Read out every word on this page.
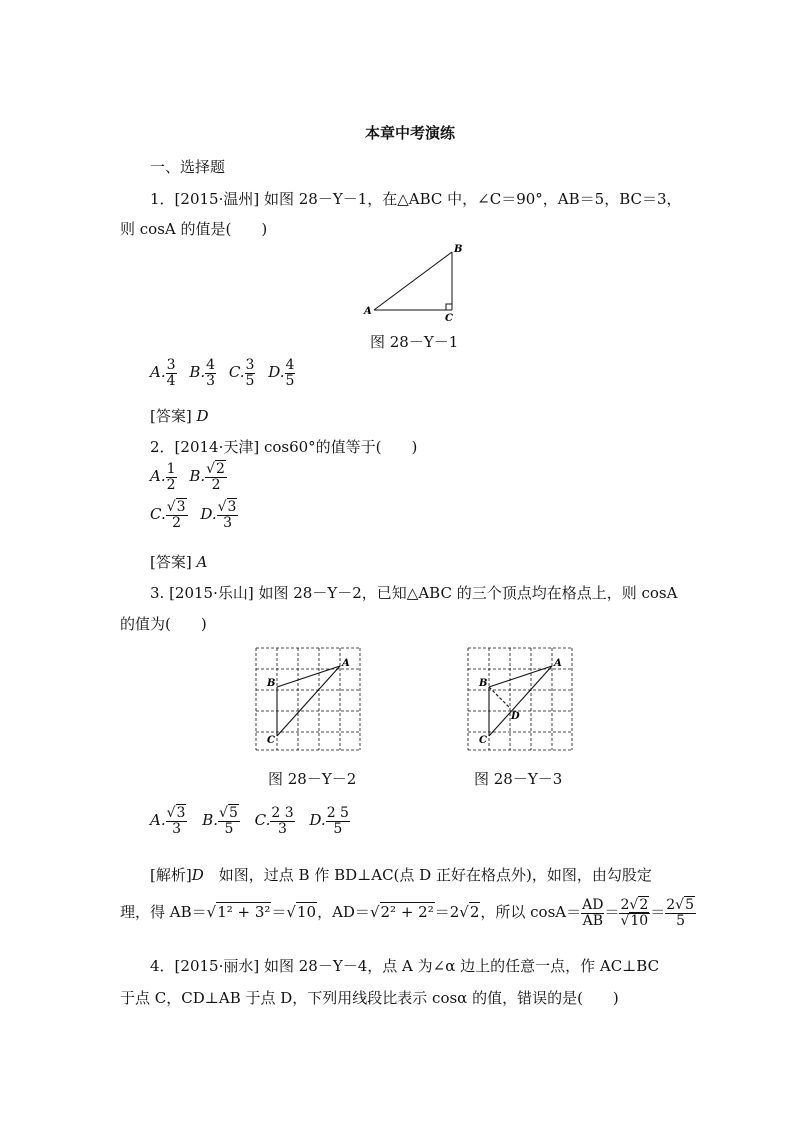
本章中考演练
一、选择题
1．[2015·温州] 如图 28－Y－1，在△ABC 中，∠C＝90°，AB＝5，BC＝3，
则 cosA 的值是(　　)
A
B
C
图 28－Y－1
A. $\frac{3}{4} B$. $\frac{4}{3} C$. $\frac{3}{5} D$. $\frac{4}{5}$
[答案] D
2．[2014·天津] cos60°的值等于(　　)
A. $\frac{1}{2} B$. $\frac{√2}{2}$
C. $\frac{√3}{2} D$. $\frac{√3}{3}$
[答案] A
3. [2015·乐山] 如图 28－Y－2，已知△ABC 的三个顶点均在格点上，则 cosA
的值为(　　)
A
B
C
图 28－Y－2
A
B
C
D
图 28－Y－3
A. $\frac{√3}{3} B$. $\frac{√5}{5} C$. $\frac{2 3}{3} D$. $\frac{2 5}{5}$
[解析]D　 如图，过点 B 作 BD⊥AC(点 D 正好在格点外)，如图，由勾股定
理，得 AB＝√1² + 3²＝√10，AD＝√2² + 2²＝2√2，所以 $\cos A= \frac{AD}{AB} = \frac{2√2}{√10} = \frac{2√5}{5}$
4．[2015·丽水] 如图 28－Y－4，点 A 为∠α 边上的任意一点，作 AC⊥BC
于点 C，CD⊥AB 于点 D，下列用线段比表示 cosα 的值，错误的是(　　)
